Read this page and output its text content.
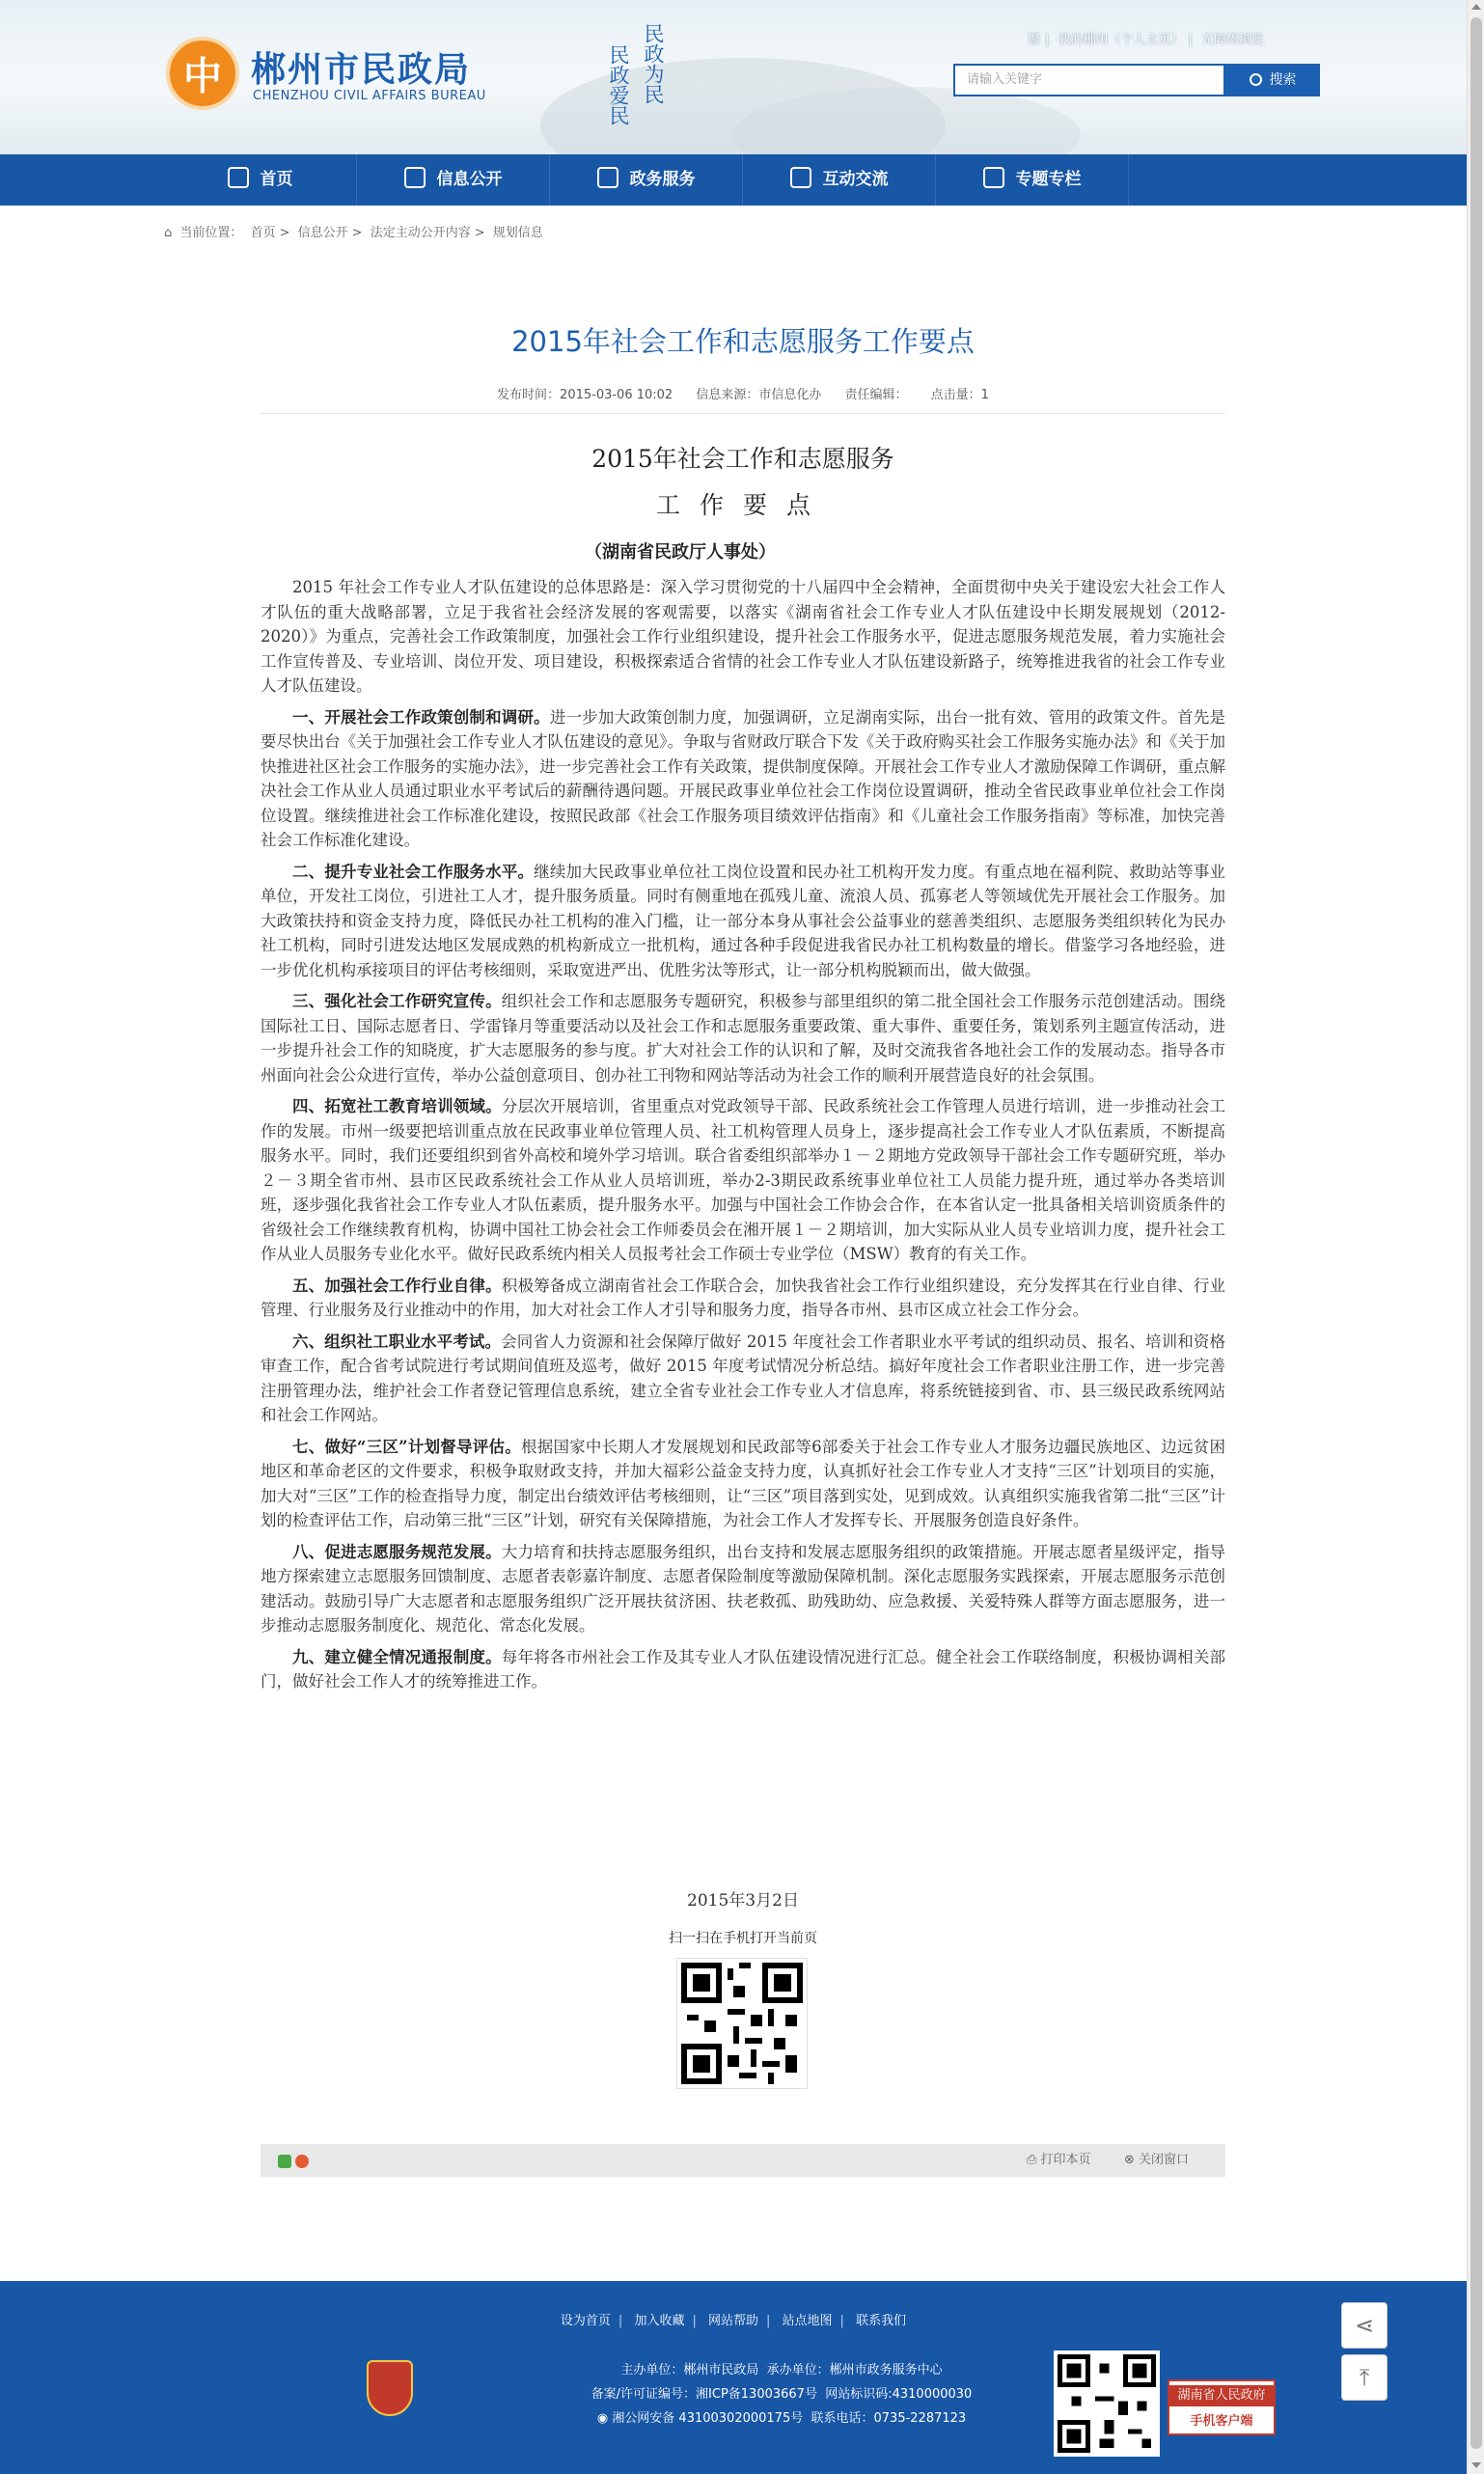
中 郴州市民政局
CHENZHOU CIVIL AFFAIRS BUREAU	民政为民
民政爱民
繁 | 我的郴州（个人主页） | 无障碍浏览
请输入关键字	搜索
首页	信息公开	政务服务	互动交流	专题专栏
⌂ 当前位置： 首页 > 信息公开 > 法定主动公开内容 > 规划信息
2015年社会工作和志愿服务工作要点
发布时间：2015-03-06 10:02 信息来源：市信息化办 责任编辑： 点击量：1
2015年社会工作和志愿服务
工作要点
（湖南省民政厅人事处）

2015 年社会工作专业人才队伍建设的总体思路是：深入学习贯彻党的十八届四中全会精神，全面贯彻中央关于建设宏大社会工作人才队伍的重大战略部署，立足于我省社会经济发展的客观需要，以落实《湖南省社会工作专业人才队伍建设中长期发展规划（2012-2020）》为重点，完善社会工作政策制度，加强社会工作行业组织建设，提升社会工作服务水平，促进志愿服务规范发展，着力实施社会工作宣传普及、专业培训、岗位开发、项目建设，积极探索适合省情的社会工作专业人才队伍建设新路子，统筹推进我省的社会工作专业人才队伍建设。

一、开展社会工作政策创制和调研。进一步加大政策创制力度，加强调研，立足湖南实际，出台一批有效、管用的政策文件。首先是要尽快出台《关于加强社会工作专业人才队伍建设的意见》。争取与省财政厅联合下发《关于政府购买社会工作服务实施办法》和《关于加快推进社区社会工作服务的实施办法》，进一步完善社会工作有关政策，提供制度保障。开展社会工作专业人才激励保障工作调研，重点解决社会工作从业人员通过职业水平考试后的薪酬待遇问题。开展民政事业单位社会工作岗位设置调研，推动全省民政事业单位社会工作岗位设置。继续推进社会工作标准化建设，按照民政部《社会工作服务项目绩效评估指南》和《儿童社会工作服务指南》等标准，加快完善社会工作标准化建设。

二、提升专业社会工作服务水平。继续加大民政事业单位社工岗位设置和民办社工机构开发力度。有重点地在福利院、救助站等事业单位，开发社工岗位，引进社工人才，提升服务质量。同时有侧重地在孤残儿童、流浪人员、孤寡老人等领域优先开展社会工作服务。加大政策扶持和资金支持力度，降低民办社工机构的准入门槛，让一部分本身从事社会公益事业的慈善类组织、志愿服务类组织转化为民办社工机构，同时引进发达地区发展成熟的机构新成立一批机构，通过各种手段促进我省民办社工机构数量的增长。借鉴学习各地经验，进一步优化机构承接项目的评估考核细则，采取宽进严出、优胜劣汰等形式，让一部分机构脱颖而出，做大做强。

三、强化社会工作研究宣传。组织社会工作和志愿服务专题研究，积极参与部里组织的第二批全国社会工作服务示范创建活动。围绕国际社工日、国际志愿者日、学雷锋月等重要活动以及社会工作和志愿服务重要政策、重大事件、重要任务，策划系列主题宣传活动，进一步提升社会工作的知晓度，扩大志愿服务的参与度。扩大对社会工作的认识和了解，及时交流我省各地社会工作的发展动态。指导各市州面向社会公众进行宣传，举办公益创意项目、创办社工刊物和网站等活动为社会工作的顺利开展营造良好的社会氛围。

四、拓宽社工教育培训领域。分层次开展培训，省里重点对党政领导干部、民政系统社会工作管理人员进行培训，进一步推动社会工作的发展。市州一级要把培训重点放在民政事业单位管理人员、社工机构管理人员身上，逐步提高社会工作专业人才队伍素质，不断提高服务水平。同时，我们还要组织到省外高校和境外学习培训。联合省委组织部举办１－２期地方党政领导干部社会工作专题研究班，举办２－３期全省市州、县市区民政系统社会工作从业人员培训班，举办2-3期民政系统事业单位社工人员能力提升班，通过举办各类培训班，逐步强化我省社会工作专业人才队伍素质，提升服务水平。加强与中国社会工作协会合作，在本省认定一批具备相关培训资质条件的省级社会工作继续教育机构，协调中国社工协会社会工作师委员会在湘开展１－２期培训，加大实际从业人员专业培训力度，提升社会工作从业人员服务专业化水平。做好民政系统内相关人员报考社会工作硕士专业学位（MSW）教育的有关工作。

五、加强社会工作行业自律。积极筹备成立湖南省社会工作联合会，加快我省社会工作行业组织建设，充分发挥其在行业自律、行业管理、行业服务及行业推动中的作用，加大对社会工作人才引导和服务力度，指导各市州、县市区成立社会工作分会。

六、组织社工职业水平考试。会同省人力资源和社会保障厅做好 2015 年度社会工作者职业水平考试的组织动员、报名、培训和资格审查工作，配合省考试院进行考试期间值班及巡考，做好 2015 年度考试情况分析总结。搞好年度社会工作者职业注册工作，进一步完善注册管理办法，维护社会工作者登记管理信息系统，建立全省专业社会工作专业人才信息库，将系统链接到省、市、县三级民政系统网站和社会工作网站。

七、做好“三区”计划督导评估。根据国家中长期人才发展规划和民政部等6部委关于社会工作专业人才服务边疆民族地区、边远贫困地区和革命老区的文件要求，积极争取财政支持，并加大福彩公益金支持力度，认真抓好社会工作专业人才支持“三区”计划项目的实施，加大对“三区”工作的检查指导力度，制定出台绩效评估考核细则，让“三区”项目落到实处，见到成效。认真组织实施我省第二批“三区”计划的检查评估工作，启动第三批“三区”计划，研究有关保障措施，为社会工作人才发挥专长、开展服务创造良好条件。

八、促进志愿服务规范发展。大力培育和扶持志愿服务组织，出台支持和发展志愿服务组织的政策措施。开展志愿者星级评定，指导地方探索建立志愿服务回馈制度、志愿者表彰嘉许制度、志愿者保险制度等激励保障机制。深化志愿服务实践探索，开展志愿服务示范创建活动。鼓励引导广大志愿者和志愿服务组织广泛开展扶贫济困、扶老救孤、助残助幼、应急救援、关爱特殊人群等方面志愿服务，进一步推动志愿服务制度化、规范化、常态化发展。

九、建立健全情况通报制度。每年将各市州社会工作及其专业人才队伍建设情况进行汇总。健全社会工作联络制度，积极协调相关部门，做好社会工作人才的统筹推进工作。

2015年3月2日
扫一扫在手机打开当前页
⎙ 打印本页	⊗ 关闭窗口
设为首页 | 加入收藏 | 网站帮助 | 站点地图 | 联系我们
主办单位：郴州市民政局 承办单位：郴州市政务服务中心
备案/许可证编号：湘ICP备13003667号 网站标识码:4310000030
◉ 湘公网安备 43100302000175号 联系电话：0735-2287123
湖南省人民政府
手机客户端
⋖
⤒
